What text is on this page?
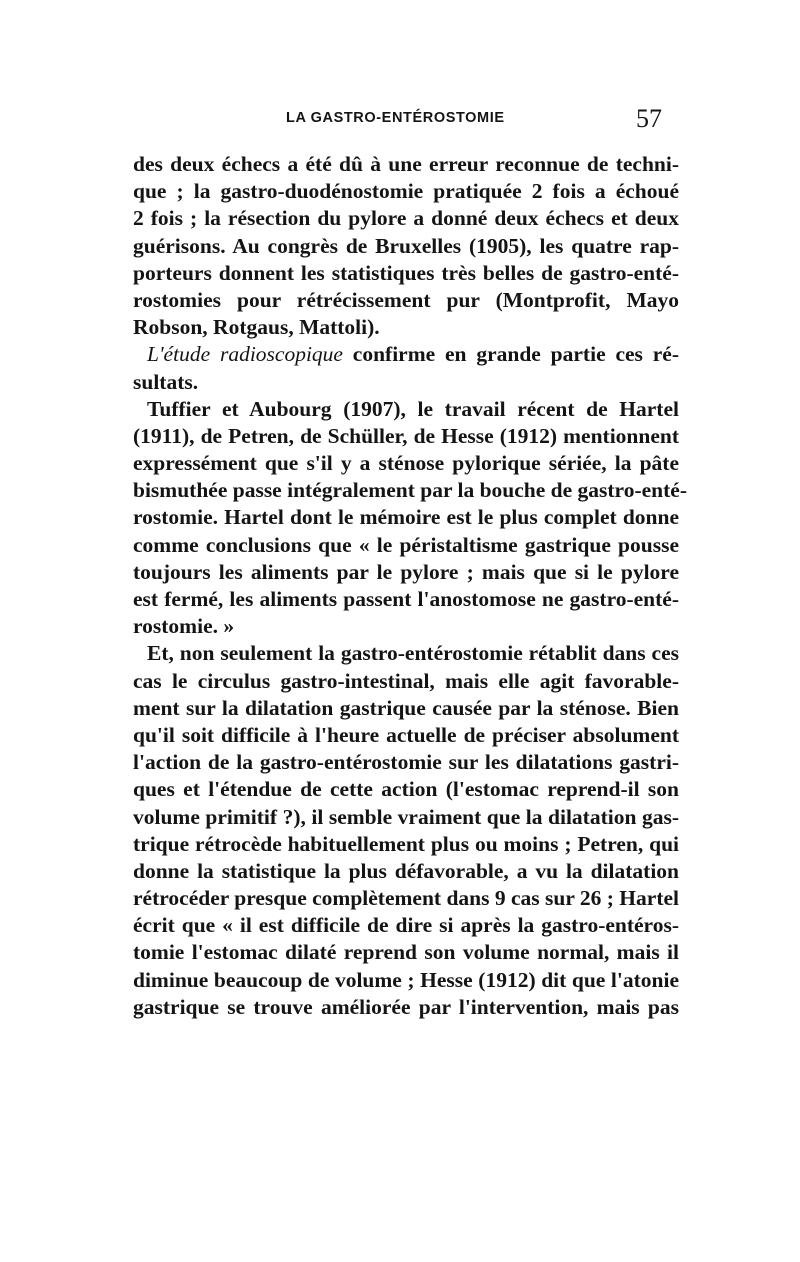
LA GASTRO-ENTÉROSTOMIE	57
des deux échecs a été dû à une erreur reconnue de techni-
que ; la gastro-duodénostomie pratiquée 2 fois a échoué
2 fois ; la résection du pylore a donné deux échecs et deux
guérisons. Au congrès de Bruxelles (1905), les quatre rap-
porteurs donnent les statistiques très belles de gastro-enté-
rostomies pour rétrécissement pur (Montprofit, Mayo
Robson, Rotgaus, Mattoli).
L'étude radioscopique confirme en grande partie ces ré-
sultats.
Tuffier et Aubourg (1907), le travail récent de Hartel
(1911), de Petren, de Schüller, de Hesse (1912) mentionnent
expressément que s'il y a sténose pylorique sériée, la pâte
bismuthée passe intégralement par la bouche de gastro-enté-
rostomie. Hartel dont le mémoire est le plus complet donne
comme conclusions que « le péristaltisme gastrique pousse
toujours les aliments par le pylore ; mais que si le pylore
est fermé, les aliments passent l'anostomose ne gastro-enté-
rostomie. »
Et, non seulement la gastro-entérostomie rétablit dans ces
cas le circulus gastro-intestinal, mais elle agit favorable-
ment sur la dilatation gastrique causée par la sténose. Bien
qu'il soit difficile à l'heure actuelle de préciser absolument
l'action de la gastro-entérostomie sur les dilatations gastri-
ques et l'étendue de cette action (l'estomac reprend-il son
volume primitif ?), il semble vraiment que la dilatation gas-
trique rétrocède habituellement plus ou moins ; Petren, qui
donne la statistique la plus défavorable, a vu la dilatation
rétrocéder presque complètement dans 9 cas sur 26 ; Hartel
écrit que « il est difficile de dire si après la gastro-entéros-
tomie l'estomac dilaté reprend son volume normal, mais il
diminue beaucoup de volume ; Hesse (1912) dit que l'atonie
gastrique se trouve améliorée par l'intervention, mais pas
